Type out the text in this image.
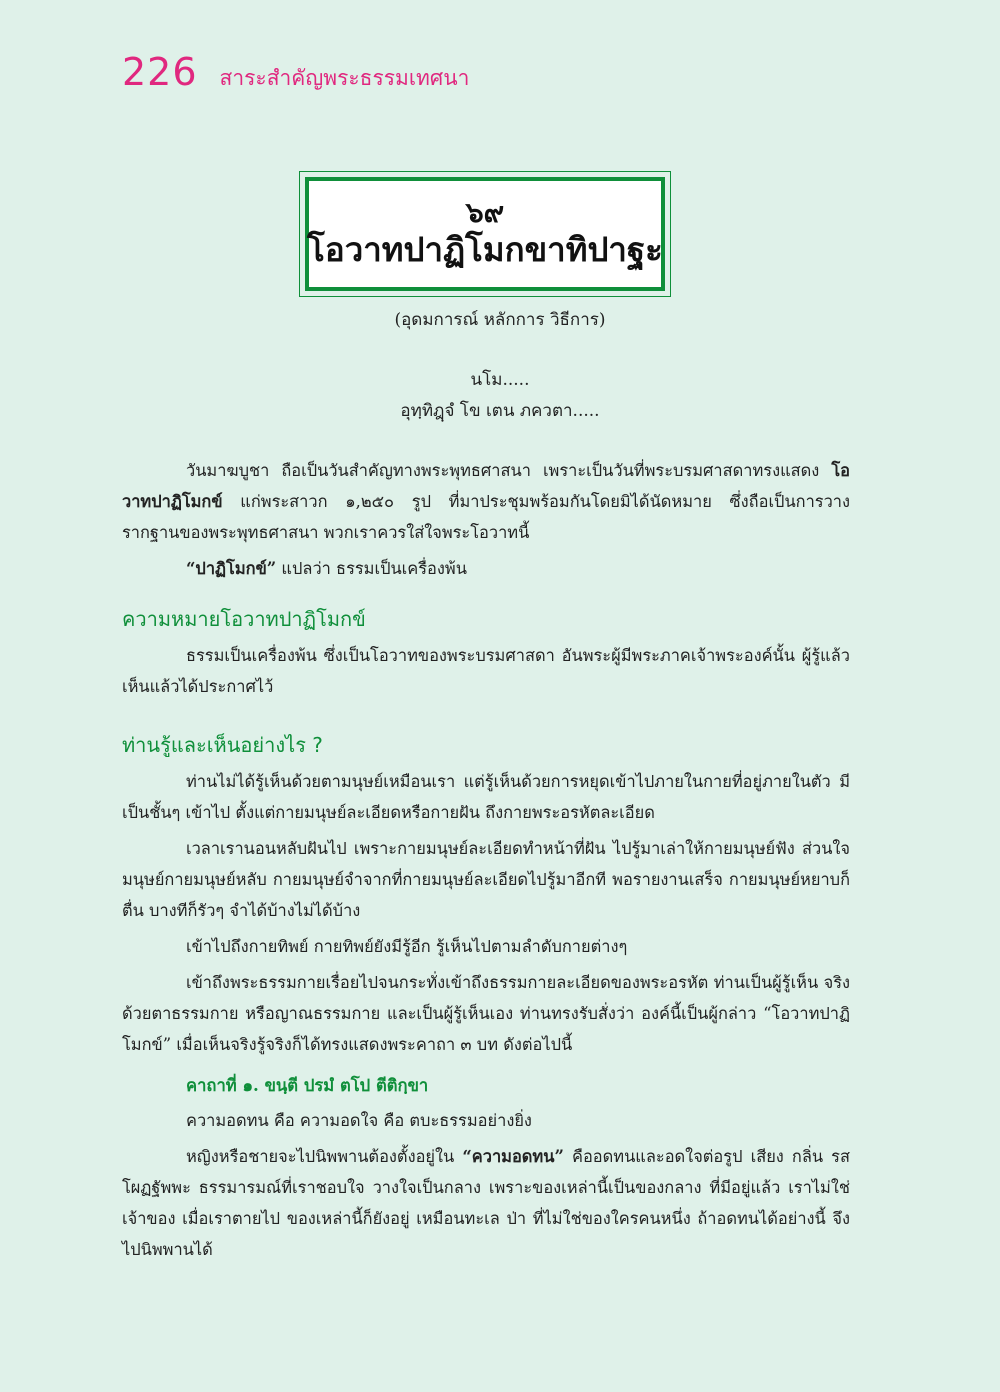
226 สาระสำคัญพระธรรมเทศนา
๖๙
โอวาทปาฏิโมกขาทิปาฐะ
(อุดมการณ์ หลักการ วิธีการ)
นโม.....
อุทฺทิฎฺจํ โข เตน ภควตา.....

วันมาฆบูชา ถือเป็นวันสำคัญทางพระพุทธศาสนา เพราะเป็นวันที่พระบรมศาสดาทรงแสดง โอวาทปาฏิโมกข์ แก่พระสาวก ๑,๒๕๐ รูป ที่มาประชุมพร้อมกันโดยมิได้นัดหมาย ซึ่งถือเป็นการวาง รากฐานของพระพุทธศาสนา พวกเราควรใส่ใจพระโอวาทนี้

“ปาฏิโมกข์” แปลว่า ธรรมเป็นเครื่องพ้น

ความหมายโอวาทปาฏิโมกข์

ธรรมเป็นเครื่องพ้น ซึ่งเป็นโอวาทของพระบรมศาสดา อันพระผู้มีพระภาคเจ้าพระองค์นั้น ผู้รู้แล้ว เห็นแล้วได้ประกาศไว้

ท่านรู้และเห็นอย่างไร ?

ท่านไม่ได้รู้เห็นด้วยตามนุษย์เหมือนเรา แต่รู้เห็นด้วยการหยุดเข้าไปภายในกายที่อยู่ภายในตัว มีเป็นชั้นๆ เข้าไป ตั้งแต่กายมนุษย์ละเอียดหรือกายฝัน ถึงกายพระอรหัตละเอียด

เวลาเรานอนหลับฝันไป เพราะกายมนุษย์ละเอียดทำหน้าที่ฝัน ไปรู้มาเล่าให้กายมนุษย์ฟัง ส่วนใจมนุษย์กายมนุษย์หลับ กายมนุษย์จำจากที่กายมนุษย์ละเอียดไปรู้มาอีกที พอรายงานเสร็จ กายมนุษย์หยาบก็ตื่น บางทีก็รัวๆ จำได้บ้างไม่ได้บ้าง

เข้าไปถึงกายทิพย์ กายทิพย์ยังมีรู้อีก รู้เห็นไปตามลำดับกายต่างๆ

เข้าถึงพระธรรมกายเรื่อยไปจนกระทั่งเข้าถึงธรรมกายละเอียดของพระอรหัต ท่านเป็นผู้รู้เห็น จริงด้วยตาธรรมกาย หรือญาณธรรมกาย และเป็นผู้รู้เห็นเอง ท่านทรงรับสั่งว่า องค์นี้เป็นผู้กล่าว “โอวาทปาฏิโมกข์” เมื่อเห็นจริงรู้จริงก็ได้ทรงแสดงพระคาถา ๓ บท ดังต่อไปนี้

คาถาที่ ๑. ขนฺตี ปรมํ ตโป ตีติกฺขา

ความอดทน คือ ความอดใจ คือ ตบะธรรมอย่างยิ่ง

หญิงหรือชายจะไปนิพพานต้องตั้งอยู่ใน “ความอดทน” คืออดทนและอดใจต่อรูป เสียง กลิ่น รส โผฏฐัพพะ ธรรมารมณ์ที่เราชอบใจ วางใจเป็นกลาง เพราะของเหล่านี้เป็นของกลาง ที่มีอยู่แล้ว เราไม่ใช่เจ้าของ เมื่อเราตายไป ของเหล่านี้ก็ยังอยู่ เหมือนทะเล ป่า ที่ไม่ใช่ของใครคนหนึ่ง ถ้าอดทนได้อย่างนี้ จึงไปนิพพานได้
